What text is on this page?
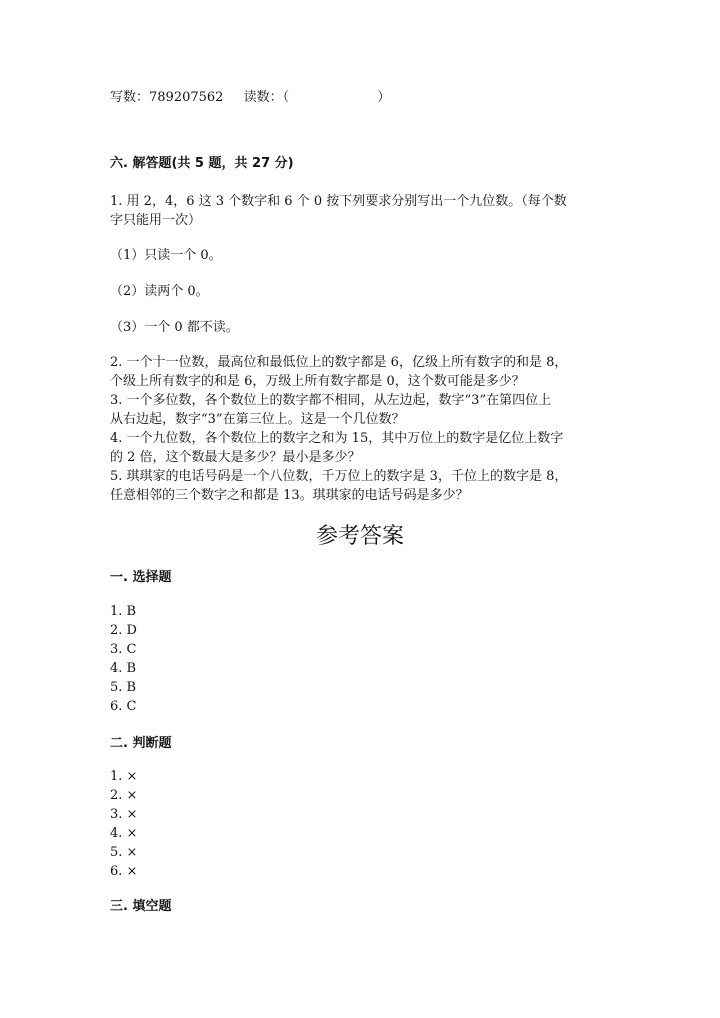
写数：789207562 读数：（	）
六. 解答题(共 5 题，共 27 分)
1. 用 2，4，6 这 3 个数字和 6 个 0 按下列要求分别写出一个九位数。（每个数
字只能用一次）
（1）只读一个 0。
（2）读两个 0。
（3）一个 0 都不读。
2. 一个十一位数，最高位和最低位上的数字都是 6，亿级上所有数字的和是 8，
个级上所有数字的和是 6，万级上所有数字都是 0，这个数可能是多少？
3. 一个多位数，各个数位上的数字都不相同，从左边起，数字“3”在第四位上
从右边起，数字“3”在第三位上。这是一个几位数？
4. 一个九位数，各个数位上的数字之和为 15，其中万位上的数字是亿位上数字
的 2 倍，这个数最大是多少？最小是多少？
5. 琪琪家的电话号码是一个八位数，千万位上的数字是 3，千位上的数字是 8，
任意相邻的三个数字之和都是 13。琪琪家的电话号码是多少？
参考答案
一. 选择题
1. B
2. D
3. C
4. B
5. B
6. C
二. 判断题
1. ×
2. ×
3. ×
4. ×
5. ×
6. ×
三. 填空题
